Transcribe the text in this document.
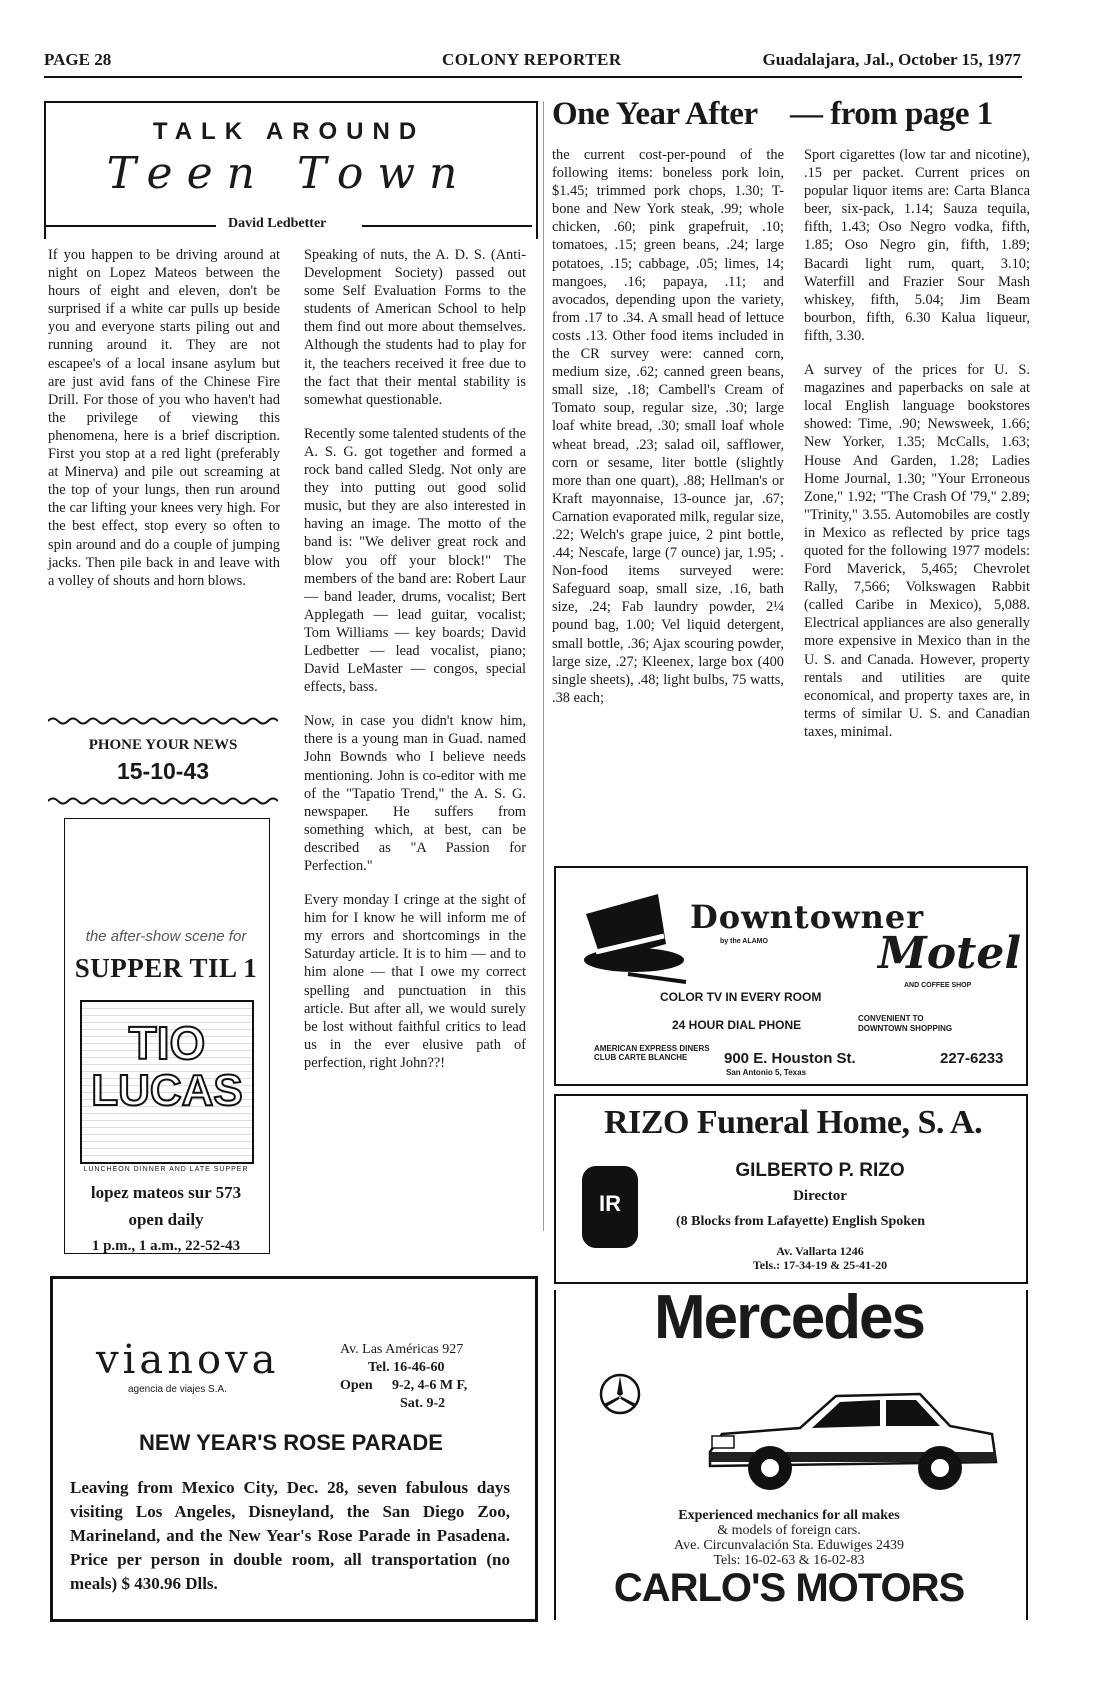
PAGE 28	COLONY REPORTER	Guadalajara, Jal., October 15, 1977
TALK AROUND
Teen Town
David Ledbetter

If you happen to be driving around at night on Lopez Mateos between the hours of eight and eleven, don't be surprised if a white car pulls up beside you and everyone starts piling out and running around it. They are not escapee's of a local insane asylum but are just avid fans of the Chinese Fire Drill. For those of you who haven't had the privilege of viewing this phenomena, here is a brief discription. First you stop at a red light (preferably at Minerva) and pile out screaming at the top of your lungs, then run around the car lifting your knees very high. For the best effect, stop every so often to spin around and do a couple of jumping jacks. Then pile back in and leave with a volley of shouts and horn blows.

Speaking of nuts, the A. D. S. (Anti-Development Society) passed out some Self Evaluation Forms to the students of American School to help them find out more about themselves. Although the students had to play for it, the teachers received it free due to the fact that their mental stability is somewhat questionable.

Recently some talented students of the A. S. G. got together and formed a rock band called Sledg. Not only are they into putting out good solid music, but they are also interested in having an image. The motto of the band is: "We deliver great rock and blow you off your block!" The members of the band are: Robert Laur — band leader, drums, vocalist; Bert Applegath — lead guitar, vocalist; Tom Williams — key boards; David Ledbetter — lead vocalist, piano; David LeMaster — congos, special effects, bass.

Now, in case you didn't know him, there is a young man in Guad. named John Bownds who I believe needs mentioning. John is co-editor with me of the "Tapatio Trend," the A. S. G. newspaper. He suffers from something which, at best, can be described as "A Passion for Perfection."

Every monday I cringe at the sight of him for I know he will inform me of my errors and shortcomings in the Saturday article. It is to him — and to him alone — that I owe my correct spelling and punctuation in this article. But after all, we would surely be lost without faithful critics to lead us in the ever elusive path of perfection, right John??!

PHONE YOUR NEWS
15-10-43
the after-show scene for
SUPPER TIL 1
TIO
LUCAS
LUNCHEON DINNER AND LATE SUPPER
lopez mateos sur 573
open daily
1 p.m., 1 a.m., 22-52-43
vianova
agencia de viajes S.A.
Av. Las Américas 927
Tel. 16-46-60
Open 9-2, 4-6 M F,
Sat. 9-2
NEW YEAR'S ROSE PARADE
Leaving from Mexico City, Dec. 28, seven fabulous days visiting Los Angeles, Disneyland, the San Diego Zoo, Marineland, and the New Year's Rose Parade in Pasadena. Price per person in double room, all transportation (no meals) $ 430.96 Dlls.
One Year After — from page 1

the current cost-per-pound of the following items: boneless pork loin, $1.45; trimmed pork chops, 1.30; T-bone and New York steak, .99; whole chicken, .60; pink grapefruit, .10; tomatoes, .15; green beans, .24; large potatoes, .15; cabbage, .05; limes, 14; mangoes, .16; papaya, .11; and avocados, depending upon the variety, from .17 to .34. A small head of lettuce costs .13. Other food items included in the CR survey were: canned corn, medium size, .62; canned green beans, small size, .18; Cambell's Cream of Tomato soup, regular size, .30; large loaf white bread, .30; small loaf whole wheat bread, .23; salad oil, safflower, corn or sesame, liter bottle (slightly more than one quart), .88; Hellman's or Kraft mayonnaise, 13-ounce jar, .67; Carnation evaporated milk, regular size, .22; Welch's grape juice, 2 pint bottle, .44; Nescafe, large (7 ounce) jar, 1.95; . Non-food items surveyed were: Safeguard soap, small size, .16, bath size, .24; Fab laundry powder, 2¼ pound bag, 1.00; Vel liquid detergent, small bottle, .36; Ajax scouring powder, large size, .27; Kleenex, large box (400 single sheets), .48; light bulbs, 75 watts, .38 each;

Sport cigarettes (low tar and nicotine), .15 per packet. Current prices on popular liquor items are: Carta Blanca beer, six-pack, 1.14; Sauza tequila, fifth, 1.43; Oso Negro vodka, fifth, 1.85; Oso Negro gin, fifth, 1.89; Bacardi light rum, quart, 3.10; Waterfill and Frazier Sour Mash whiskey, fifth, 5.04; Jim Beam bourbon, fifth, 6.30 Kalua liqueur, fifth, 3.30.

A survey of the prices for U. S. magazines and paperbacks on sale at local English language bookstores showed: Time, .90; Newsweek, 1.66; New Yorker, 1.35; McCalls, 1.63; House And Garden, 1.28; Ladies Home Journal, 1.30; "Your Erroneous Zone," 1.92; "The Crash Of '79," 2.89; "Trinity," 3.55. Automobiles are costly in Mexico as reflected by price tags quoted for the following 1977 models: Ford Maverick, 5,465; Chevrolet Rally, 7,566; Volkswagen Rabbit (called Caribe in Mexico), 5,088. Electrical appliances are also generally more expensive in Mexico than in the U. S. and Canada. However, property rentals and utilities are quite economical, and property taxes are, in terms of similar U. S. and Canadian taxes, minimal.

Downtowner
by the ALAMO	Motel
AND COFFEE SHOP
COLOR TV IN EVERY ROOM
24 HOUR DIAL PHONE	CONVENIENT TO DOWNTOWN SHOPPING
AMERICAN EXPRESS DINERS CLUB CARTE BLANCHE	900 E. Houston St.
San Antonio 5, Texas
227-6233
RIZO Funeral Home, S. A.
IR
GILBERTO P. RIZO
Director
(8 Blocks from Lafayette) English Spoken
Av. Vallarta 1246
Tels.: 17-34-19 & 25-41-20
Mercedes
Experienced mechanics for all makes
& models of foreign cars.
Ave. Circunvalación Sta. Eduwiges 2439
Tels: 16-02-63 & 16-02-83
CARLO'S MOTORS
